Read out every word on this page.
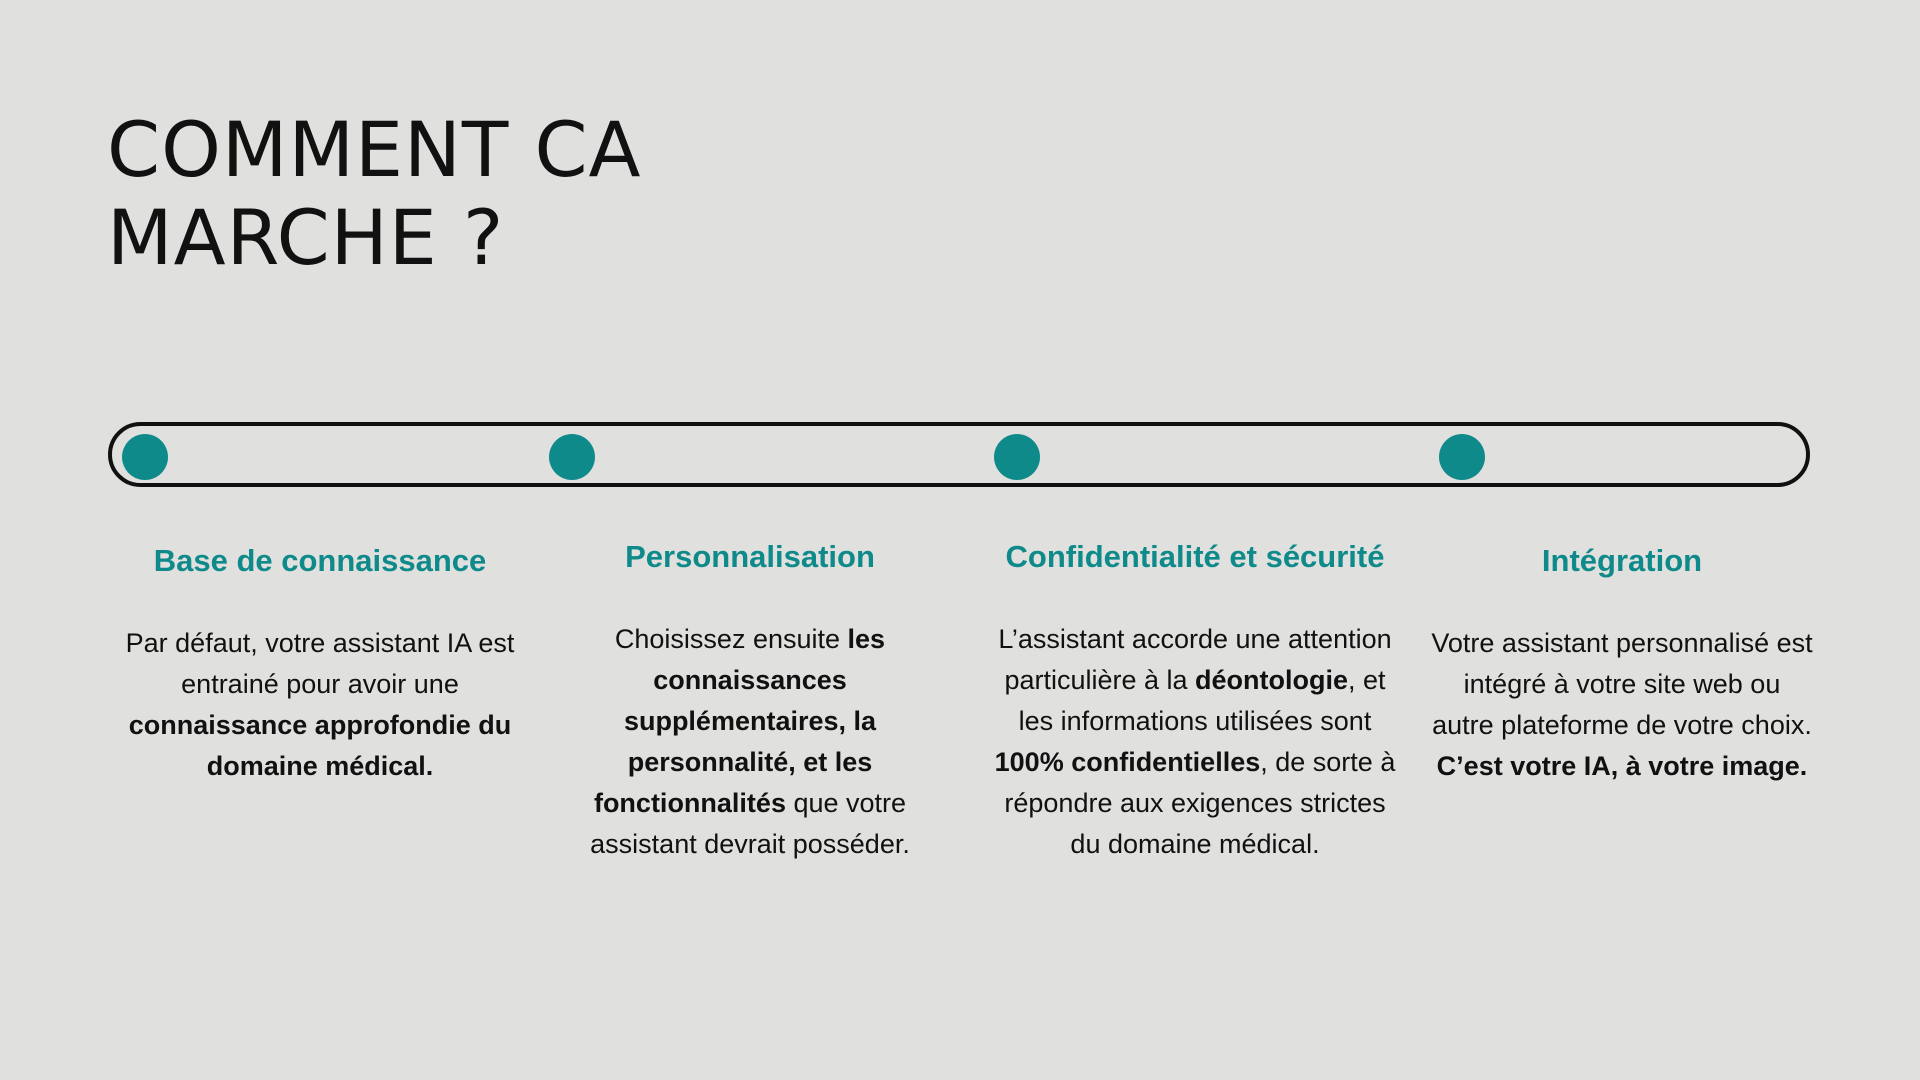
COMMENT CA
MARCHE ?
Base de connaissance

Par défaut, votre assistant IA est entrainé pour avoir une connaissance approfondie du domaine médical.

Personnalisation

Choisissez ensuite les connaissances supplémentaires, la personnalité, et les fonctionnalités que votre assistant devrait posséder.

Confidentialité et sécurité

L’assistant accorde une attention particulière à la déontologie, et les informations utilisées sont 100% confidentielles, de sorte à répondre aux exigences strictes du domaine médical.

Intégration

Votre assistant personnalisé est intégré à votre site web ou autre plateforme de votre choix. C’est votre IA, à votre image.
